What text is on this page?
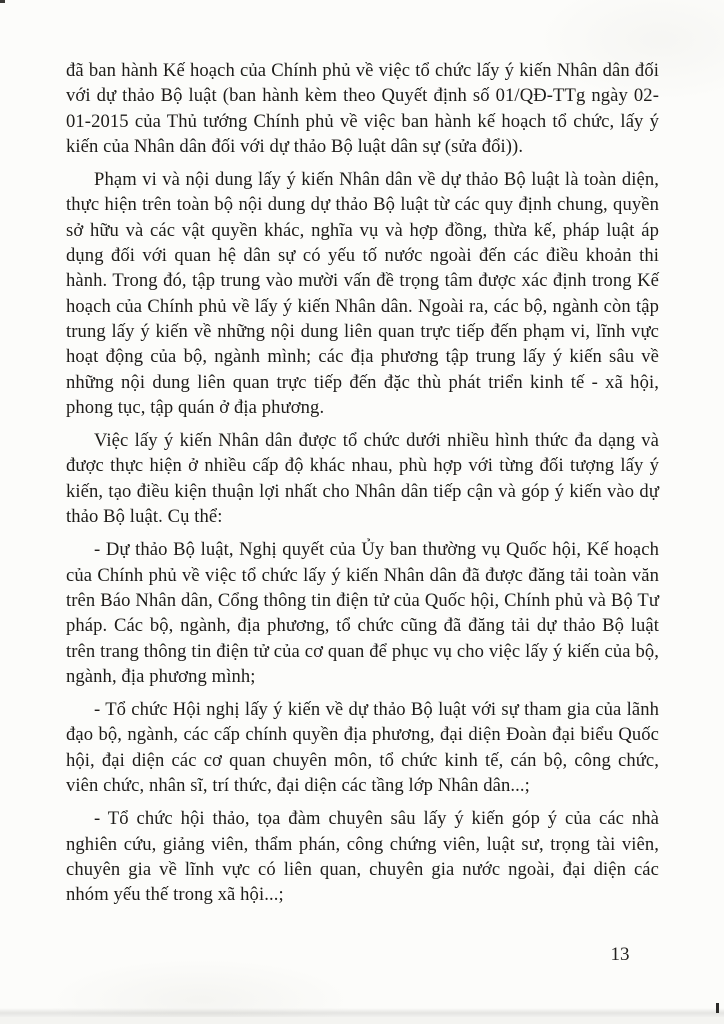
đã ban hành Kế hoạch của Chính phủ về việc tổ chức lấy ý kiến Nhân dân đối với dự thảo Bộ luật (ban hành kèm theo Quyết định số 01/QĐ-TTg ngày 02-01-2015 của Thủ tướng Chính phủ về việc ban hành kế hoạch tổ chức, lấy ý kiến của Nhân dân đối với dự thảo Bộ luật dân sự (sửa đổi)).

Phạm vi và nội dung lấy ý kiến Nhân dân về dự thảo Bộ luật là toàn diện, thực hiện trên toàn bộ nội dung dự thảo Bộ luật từ các quy định chung, quyền sở hữu và các vật quyền khác, nghĩa vụ và hợp đồng, thừa kế, pháp luật áp dụng đối với quan hệ dân sự có yếu tố nước ngoài đến các điều khoản thi hành. Trong đó, tập trung vào mười vấn đề trọng tâm được xác định trong Kế hoạch của Chính phủ về lấy ý kiến Nhân dân. Ngoài ra, các bộ, ngành còn tập trung lấy ý kiến về những nội dung liên quan trực tiếp đến phạm vi, lĩnh vực hoạt động của bộ, ngành mình; các địa phương tập trung lấy ý kiến sâu về những nội dung liên quan trực tiếp đến đặc thù phát triển kinh tế - xã hội, phong tục, tập quán ở địa phương.

Việc lấy ý kiến Nhân dân được tổ chức dưới nhiều hình thức đa dạng và được thực hiện ở nhiều cấp độ khác nhau, phù hợp với từng đối tượng lấy ý kiến, tạo điều kiện thuận lợi nhất cho Nhân dân tiếp cận và góp ý kiến vào dự thảo Bộ luật. Cụ thể:

- Dự thảo Bộ luật, Nghị quyết của Ủy ban thường vụ Quốc hội, Kế hoạch của Chính phủ về việc tổ chức lấy ý kiến Nhân dân đã được đăng tải toàn văn trên Báo Nhân dân, Cổng thông tin điện tử của Quốc hội, Chính phủ và Bộ Tư pháp. Các bộ, ngành, địa phương, tổ chức cũng đã đăng tải dự thảo Bộ luật trên trang thông tin điện tử của cơ quan để phục vụ cho việc lấy ý kiến của bộ, ngành, địa phương mình;

- Tổ chức Hội nghị lấy ý kiến về dự thảo Bộ luật với sự tham gia của lãnh đạo bộ, ngành, các cấp chính quyền địa phương, đại diện Đoàn đại biểu Quốc hội, đại diện các cơ quan chuyên môn, tổ chức kinh tế, cán bộ, công chức, viên chức, nhân sĩ, trí thức, đại diện các tầng lớp Nhân dân...;

- Tổ chức hội thảo, tọa đàm chuyên sâu lấy ý kiến góp ý của các nhà nghiên cứu, giảng viên, thẩm phán, công chứng viên, luật sư, trọng tài viên, chuyên gia về lĩnh vực có liên quan, chuyên gia nước ngoài, đại diện các nhóm yếu thế trong xã hội...;

13
